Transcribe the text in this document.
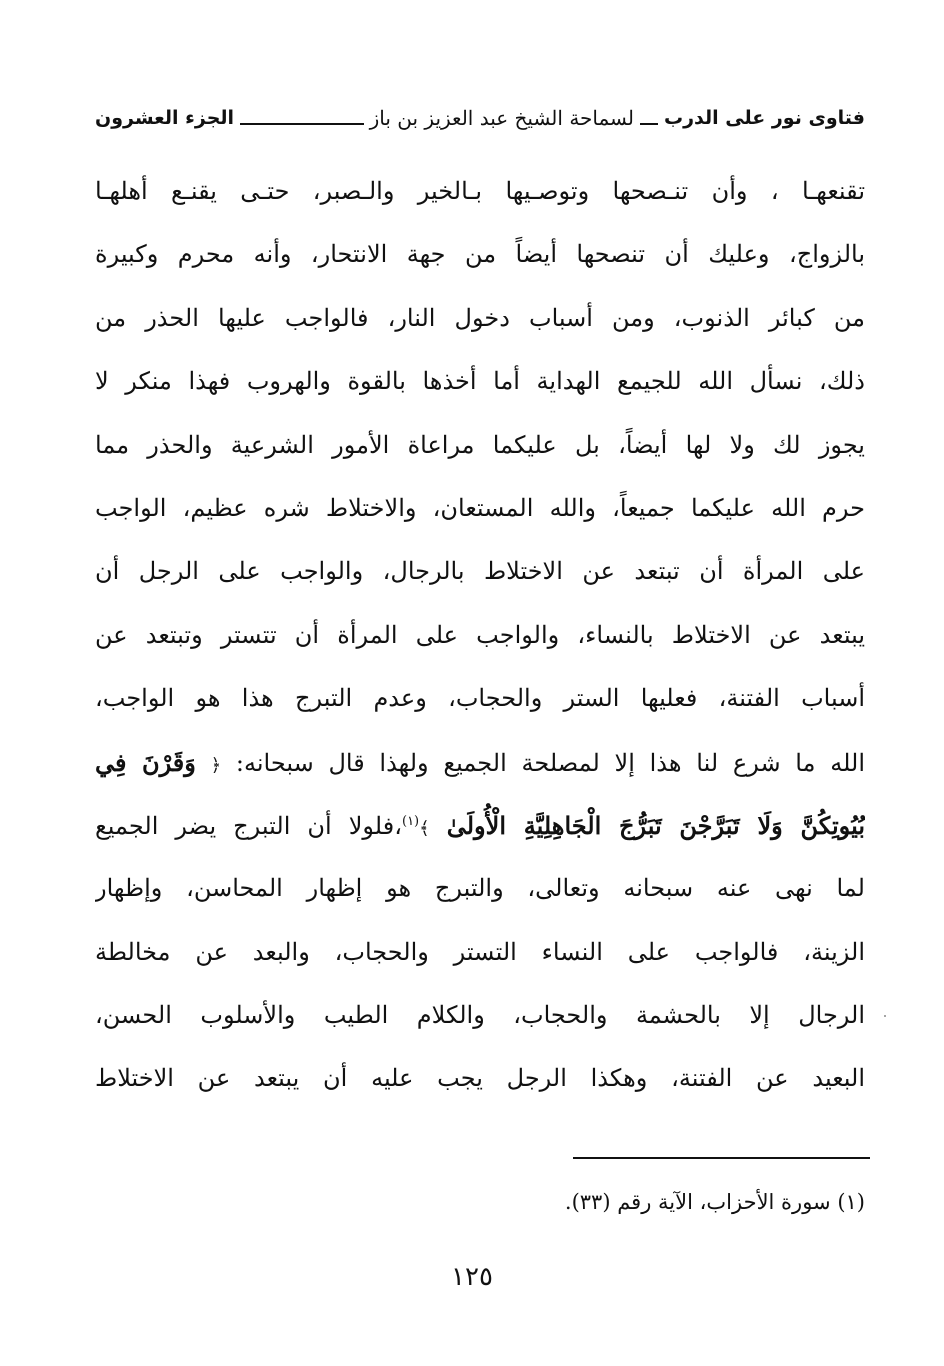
فتاوى نور على الدرب
لسماحة الشيخ عبد العزيز بن باز
الجزء العشرون
تقنعهـا ، وأن تنـصحها وتوصـيها بـالخير والـصبر، حتـى يقنـع أهلهـا
بالزواج، وعليك أن تنصحها أيضاً من جهة الانتحار، وأنه محرم وكبيرة
من كبائر الذنوب، ومن أسباب دخول النار، فالواجب عليها الحذر من
ذلك، نسأل الله للجيمع الهداية أما أخذها بالقوة والهروب فهذا منكر لا
يجوز لك ولا لها أيضاً، بل عليكما مراعاة الأمور الشرعية والحذر مما
حرم الله عليكما جميعاً، والله المستعان، والاختلاط شره عظيم، الواجب
على المرأة أن تبتعد عن الاختلاط بالرجال، والواجب على الرجل أن
يبتعد عن الاختلاط بالنساء، والواجب على المرأة أن تتستر وتبتعد عن
أسباب الفتنة، فعليها الستر والحجاب، وعدم التبرج هذا هو الواجب،
الله ما شرع لنا هذا إلا لمصلحة الجميع ولهذا قال سبحانه: ﴿ وَقَرْنَ فِي
بُيُوتِكُنَّ وَلَا تَبَرَّجْنَ تَبَرُّجَ الْجَاهِلِيَّةِ الْأُولَىٰ ﴾$^{(١)}$،فلولا أن التبرج يضر الجميع
لما نهى عنه سبحانه وتعالى، والتبرج هو إظهار المحاسن، وإظهار
الزينة، فالواجب على النساء التستر والحجاب، والبعد عن مخالطة
الرجال إلا بالحشمة والحجاب، والكلام الطيب والأسلوب الحسن،
البعيد عن الفتنة، وهكذا الرجل يجب عليه أن يبتعد عن الاختلاط
(١) سورة الأحزاب، الآية رقم (٣٣).
١٢٥
